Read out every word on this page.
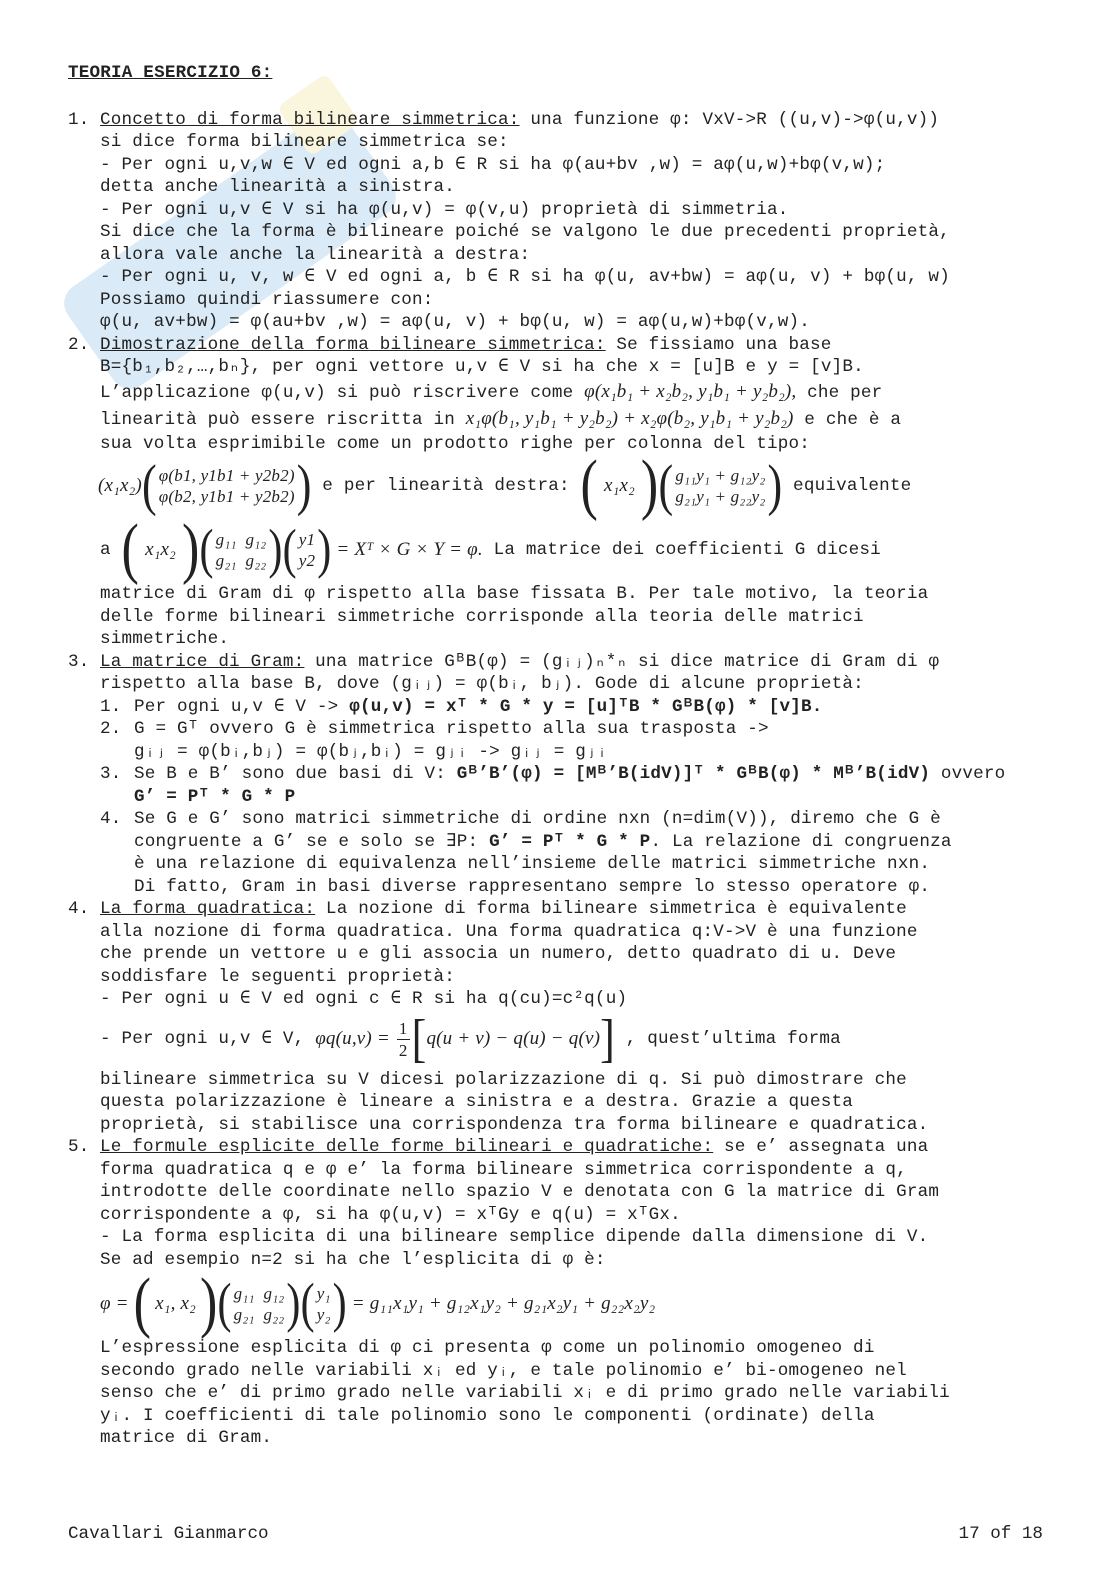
TEORIA ESERCIZIO 6:
1. Concetto di forma bilineare simmetrica: una funzione φ: VxV->R ((u,v)->φ(u,v))
si dice forma bilineare simmetrica se:
- Per ogni u,v,w ∈ V ed ogni a,b ∈ R si ha φ(au+bv ,w) = aφ(u,w)+bφ(v,w);
detta anche linearità a sinistra.
- Per ogni u,v ∈ V si ha φ(u,v) = φ(v,u) proprietà di simmetria.
Si dice che la forma è bilineare poiché se valgono le due precedenti proprietà,
allora vale anche la linearità a destra:
- Per ogni u, v, w ∈ V ed ogni a, b ∈ R si ha φ(u, av+bw) = aφ(u, v) + bφ(u, w)
Possiamo quindi riassumere con:
φ(u, av+bw) = φ(au+bv ,w) = aφ(u, v) + bφ(u, w) = aφ(u,w)+bφ(v,w).
2. Dimostrazione della forma bilineare simmetrica: Se fissiamo una base
B={b₁,b₂,…,bₙ}, per ogni vettore u,v ∈ V si ha che x = [u]B e y = [v]B.
L’applicazione φ(u,v) si può riscrivere come φ(x₁b₁ + x₂b₂, y₁b₁ + y₂b₂), che per
linearità può essere riscritta in x₁φ(b₁, y₁b₁ + y₂b₂) + x₂φ(b₂, y₁b₁ + y₂b₂) e che è a
sua volta esprimibile come un prodotto righe per colonna del tipo:
(x₁x₂) ( φ(b1, y1b1 + y2b2)
φ(b2, y1b1 + y2b2) ) e per linearità destra: ( x₁x₂ ) ( g₁₁y₁ + g₁₂y₂
g₂₁y₁ + g₂₂y₂ ) equivalente
a ( x₁x₂ ) ( g₁₁  g₁₂
g₂₁  g₂₂ ) ( y1
y2 ) = Xᵀ × G × Y = φ. La matrice dei coefficienti G dicesi
matrice di Gram di φ rispetto alla base fissata B. Per tale motivo, la teoria
delle forme bilineari simmetriche corrisponde alla teoria delle matrici
simmetriche.
3. La matrice di Gram: una matrice GᴮB(φ) = (gᵢⱼ)ₙ*ₙ si dice matrice di Gram di φ
rispetto alla base B, dove (gᵢⱼ) = φ(bᵢ, bⱼ). Gode di alcune proprietà:
1. Per ogni u,v ∈ V -> φ(u,v) = xᵀ * G * y = [u]ᵀB * GᴮB(φ) * [v]B.
2. G = Gᵀ ovvero G è simmetrica rispetto alla sua trasposta ->
gᵢⱼ = φ(bᵢ,bⱼ) = φ(bⱼ,bᵢ) = gⱼᵢ -> gᵢⱼ = gⱼᵢ
3. Se B e B’ sono due basi di V: Gᴮ’B’(φ) = [Mᴮ’B(idV)]ᵀ * GᴮB(φ) * Mᴮ’B(idV) ovvero
G’ = Pᵀ * G * P
4. Se G e G’ sono matrici simmetriche di ordine nxn (n=dim(V)), diremo che G è
congruente a G’ se e solo se ∃P: G’ = Pᵀ * G * P. La relazione di congruenza
è una relazione di equivalenza nell’insieme delle matrici simmetriche nxn.
Di fatto, Gram in basi diverse rappresentano sempre lo stesso operatore φ.
4. La forma quadratica: La nozione di forma bilineare simmetrica è equivalente
alla nozione di forma quadratica. Una forma quadratica q:V->V è una funzione
che prende un vettore u e gli associa un numero, detto quadrato di u. Deve
soddisfare le seguenti proprietà:
- Per ogni u ∈ V ed ogni c ∈ R si ha q(cu)=c²q(u)
- Per ogni u,v ∈ V, $\varphi q(u,v) = \frac{1}{2}$ [ q(u + v) − q(u) − q(v) ] , quest’ultima forma
bilineare simmetrica su V dicesi polarizzazione di q. Si può dimostrare che
questa polarizzazione è lineare a sinistra e a destra. Grazie a questa
proprietà, si stabilisce una corrispondenza tra forma bilineare e quadratica.
5. Le formule esplicite delle forme bilineari e quadratiche: se e’ assegnata una
forma quadratica q e φ e’ la forma bilineare simmetrica corrispondente a q,
introdotte delle coordinate nello spazio V e denotata con G la matrice di Gram
corrispondente a φ, si ha φ(u,v) = xᵀGy e q(u) = xᵀGx.
- La forma esplicita di una bilineare semplice dipende dalla dimensione di V.
Se ad esempio n=2 si ha che l’esplicita di φ è:
φ = ( x₁, x₂ ) ( g₁₁  g₁₂
g₂₁  g₂₂ ) ( y₁
y₂ ) = g₁₁x₁y₁ + g₁₂x₁y₂ + g₂₁x₂y₁ + g₂₂x₂y₂
L’espressione esplicita di φ ci presenta φ come un polinomio omogeneo di
secondo grado nelle variabili xᵢ ed yᵢ, e tale polinomio e’ bi-omogeneo nel
senso che e’ di primo grado nelle variabili xᵢ e di primo grado nelle variabili
yᵢ. I coefficienti di tale polinomio sono le componenti (ordinate) della
matrice di Gram.
Cavallari Gianmarco	17 of 18
